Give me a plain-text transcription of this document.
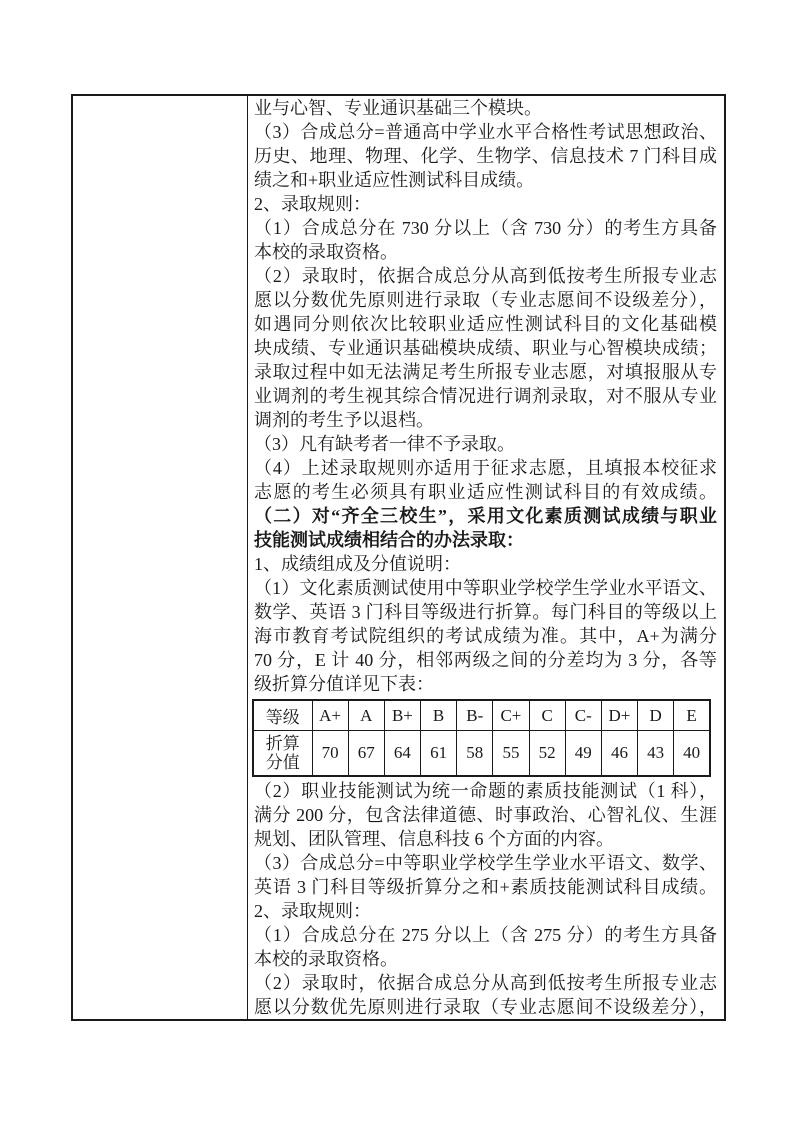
业与心智、专业通识基础三个模块。
（3）合成总分=普通高中学业水平合格性考试思想政治、
历史、地理、物理、化学、生物学、信息技术 7 门科目成
绩之和+职业适应性测试科目成绩。
2、录取规则：
（1）合成总分在 730 分以上（含 730 分）的考生方具备
本校的录取资格。
（2）录取时，依据合成总分从高到低按考生所报专业志
愿以分数优先原则进行录取（专业志愿间不设级差分），
如遇同分则依次比较职业适应性测试科目的文化基础模
块成绩、专业通识基础模块成绩、职业与心智模块成绩；
录取过程中如无法满足考生所报专业志愿，对填报服从专
业调剂的考生视其综合情况进行调剂录取，对不服从专业
调剂的考生予以退档。
（3）凡有缺考者一律不予录取。
（4）上述录取规则亦适用于征求志愿，且填报本校征求
志愿的考生必须具有职业适应性测试科目的有效成绩。
（二）对“齐全三校生”，采用文化素质测试成绩与职业
技能测试成绩相结合的办法录取：
1、成绩组成及分值说明：
（1）文化素质测试使用中等职业学校学生学业水平语文、
数学、英语 3 门科目等级进行折算。每门科目的等级以上
海市教育考试院组织的考试成绩为准。其中，A+为满分
70 分，E 计 40 分，相邻两级之间的分差均为 3 分，各等
级折算分值详见下表：
等级	A+	A	B+	B	B-	C+	C	C-	D+	D	E

折算分值	70	67	64	61	58	55	52	49	46	43	40
（2）职业技能测试为统一命题的素质技能测试（1 科），
满分 200 分，包含法律道德、时事政治、心智礼仪、生涯
规划、团队管理、信息科技 6 个方面的内容。
（3）合成总分=中等职业学校学生学业水平语文、数学、
英语 3 门科目等级折算分之和+素质技能测试科目成绩。
2、录取规则：
（1）合成总分在 275 分以上（含 275 分）的考生方具备
本校的录取资格。
（2）录取时，依据合成总分从高到低按考生所报专业志
愿以分数优先原则进行录取（专业志愿间不设级差分），
